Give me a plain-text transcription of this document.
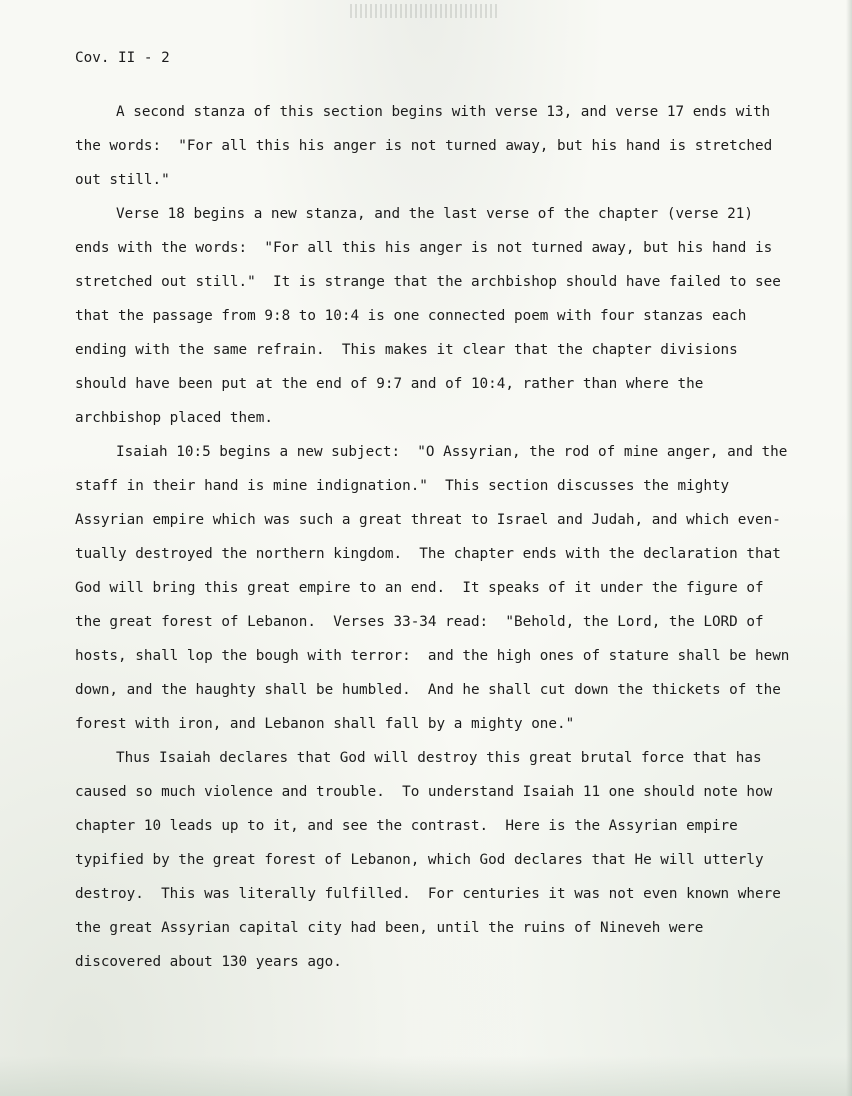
Cov. II - 2
A second stanza of this section begins with verse 13, and verse 17 ends with
the words:  "For all this his anger is not turned away, but his hand is stretched
out still."
Verse 18 begins a new stanza, and the last verse of the chapter (verse 21)
ends with the words:  "For all this his anger is not turned away, but his hand is
stretched out still."  It is strange that the archbishop should have failed to see
that the passage from 9:8 to 10:4 is one connected poem with four stanzas each
ending with the same refrain.  This makes it clear that the chapter divisions
should have been put at the end of 9:7 and of 10:4, rather than where the
archbishop placed them.
Isaiah 10:5 begins a new subject:  "O Assyrian, the rod of mine anger, and the
staff in their hand is mine indignation."  This section discusses the mighty
Assyrian empire which was such a great threat to Israel and Judah, and which even-
tually destroyed the northern kingdom.  The chapter ends with the declaration that
God will bring this great empire to an end.  It speaks of it under the figure of
the great forest of Lebanon.  Verses 33-34 read:  "Behold, the Lord, the LORD of
hosts, shall lop the bough with terror:  and the high ones of stature shall be hewn
down, and the haughty shall be humbled.  And he shall cut down the thickets of the
forest with iron, and Lebanon shall fall by a mighty one."
Thus Isaiah declares that God will destroy this great brutal force that has
caused so much violence and trouble.  To understand Isaiah 11 one should note how
chapter 10 leads up to it, and see the contrast.  Here is the Assyrian empire
typified by the great forest of Lebanon, which God declares that He will utterly
destroy.  This was literally fulfilled.  For centuries it was not even known where
the great Assyrian capital city had been, until the ruins of Nineveh were
discovered about 130 years ago.
